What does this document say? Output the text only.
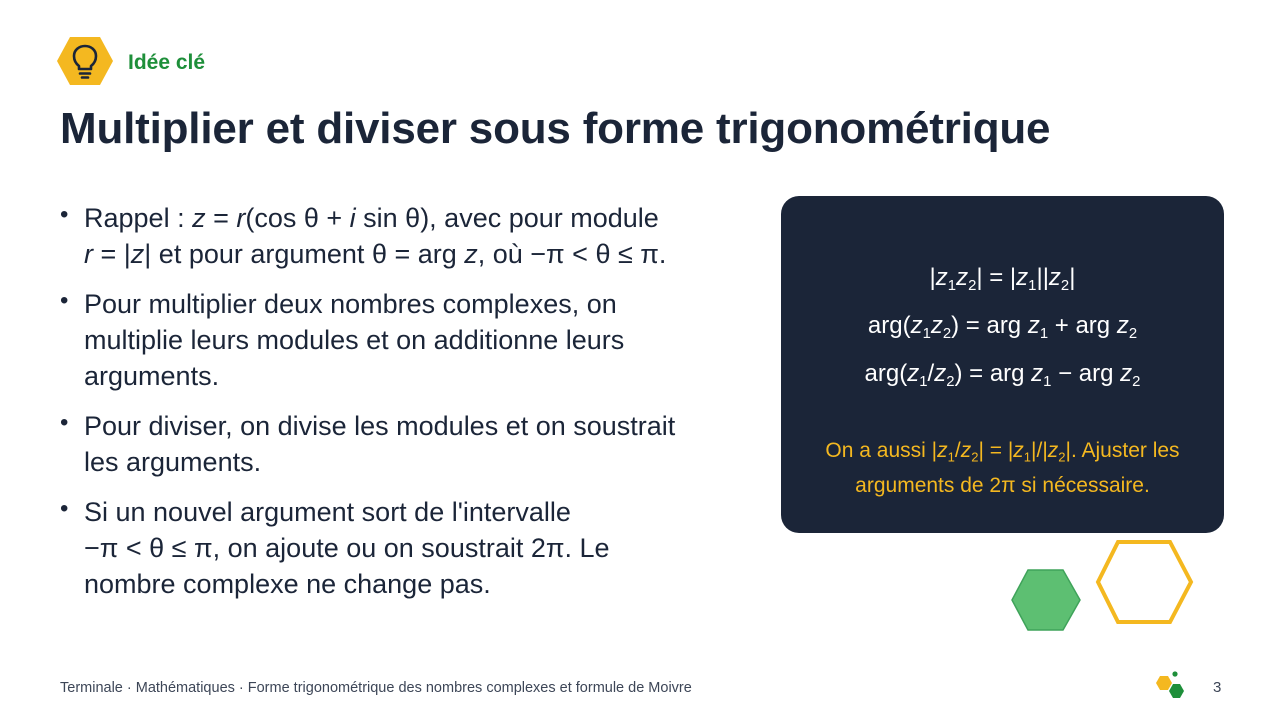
Idée clé
Multiplier et diviser sous forme trigonométrique
• Rappel : z = r(cos θ + i sin θ), avec pour module
r = |z| et pour argument θ = arg z, où −π < θ ≤ π.
• Pour multiplier deux nombres complexes, on
multiplie leurs modules et on additionne leurs
arguments.
• Pour diviser, on divise les modules et on soustrait
les arguments.
• Si un nouvel argument sort de l'intervalle
−π < θ ≤ π, on ajoute ou on soustrait 2π. Le
nombre complexe ne change pas.
$|z_1z_2| = |z_1||z_2|$
$arg(z_1z_2)$ = arg $z_1$ + arg $z_2$
$arg(z_1/z_2)$ = arg $z_1$ − arg $z_2$
On a aussi $|z_1/z_2| = |z_1|/|z_2|$. Ajuster les
arguments de 2π si nécessaire.
Terminale · Mathématiques · Forme trigonométrique des nombres complexes et formule de Moivre	3
